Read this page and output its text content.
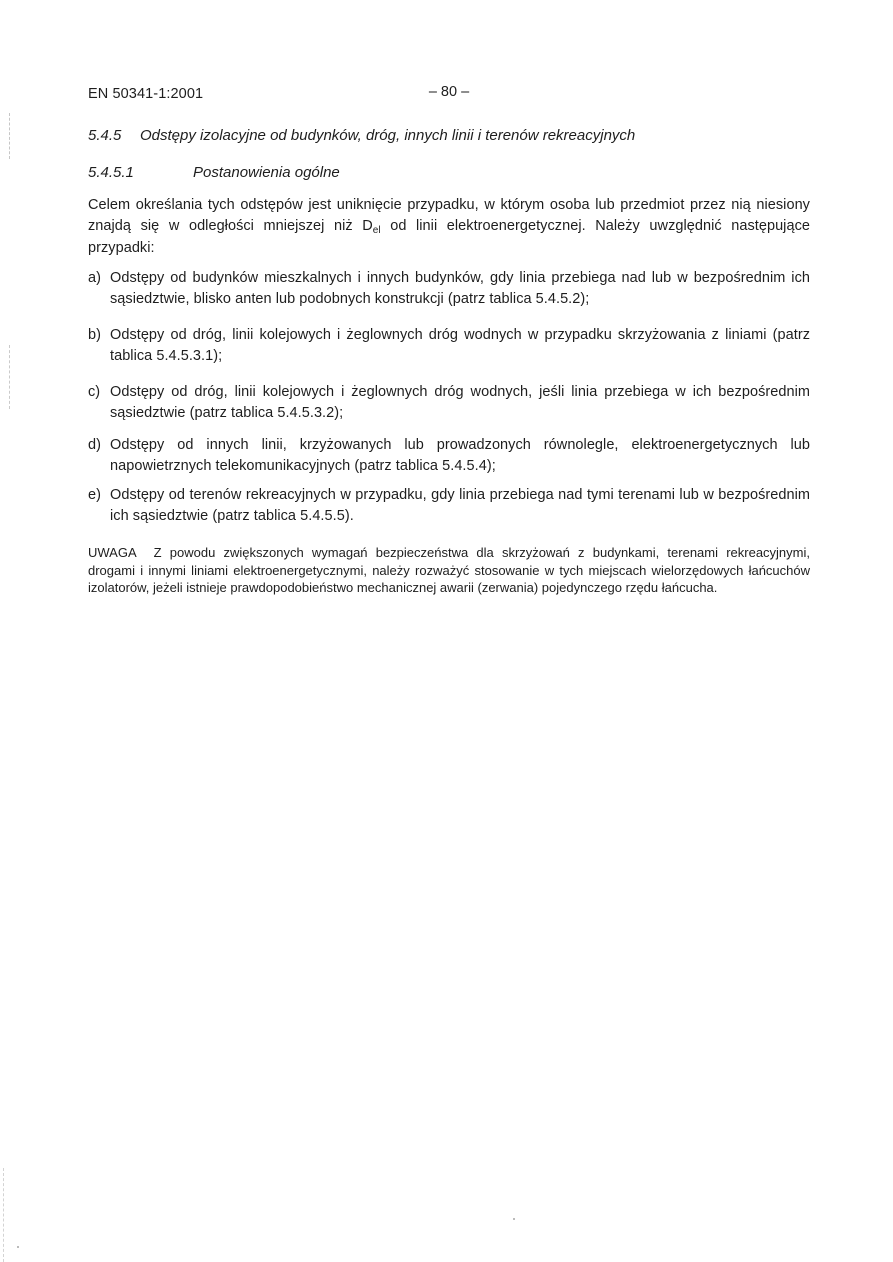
EN 50341-1:2001	– 80 –
5.4.5 Odstępy izolacyjne od budynków, dróg, innych linii i terenów rekreacyjnych
5.4.5.1	Postanowienia ogólne
Celem określania tych odstępów jest uniknięcie przypadku, w którym osoba lub przedmiot przez nią niesiony znajdą się w odległości mniejszej niż $D_{el}$ od linii elektroenergetycznej. Należy uwzględnić następujące przypadki:
a) Odstępy od budynków mieszkalnych i innych budynków, gdy linia przebiega nad lub w bezpośrednim ich sąsiedztwie, blisko anten lub podobnych konstrukcji (patrz tablica 5.4.5.2);
b) Odstępy od dróg, linii kolejowych i żeglownych dróg wodnych w przypadku skrzyżowania z liniami (patrz tablica 5.4.5.3.1);
c) Odstępy od dróg, linii kolejowych i żeglownych dróg wodnych, jeśli linia przebiega w ich bezpośrednim sąsiedztwie (patrz tablica 5.4.5.3.2);
d) Odstępy od innych linii, krzyżowanych lub prowadzonych równolegle, elektroenergetycznych lub napowietrznych telekomunikacyjnych (patrz tablica 5.4.5.4);
e) Odstępy od terenów rekreacyjnych w przypadku, gdy linia przebiega nad tymi terenami lub w bezpośrednim ich sąsiedztwie (patrz tablica 5.4.5.5).
UWAGA Z powodu zwiększonych wymagań bezpieczeństwa dla skrzyżowań z budynkami, terenami rekreacyjnymi, drogami i innymi liniami elektroenergetycznymi, należy rozważyć stosowanie w tych miejscach wielorzędowych łańcuchów izolatorów, jeżeli istnieje prawdopodobieństwo mechanicznej awarii (zerwania) pojedynczego rzędu łańcucha.
